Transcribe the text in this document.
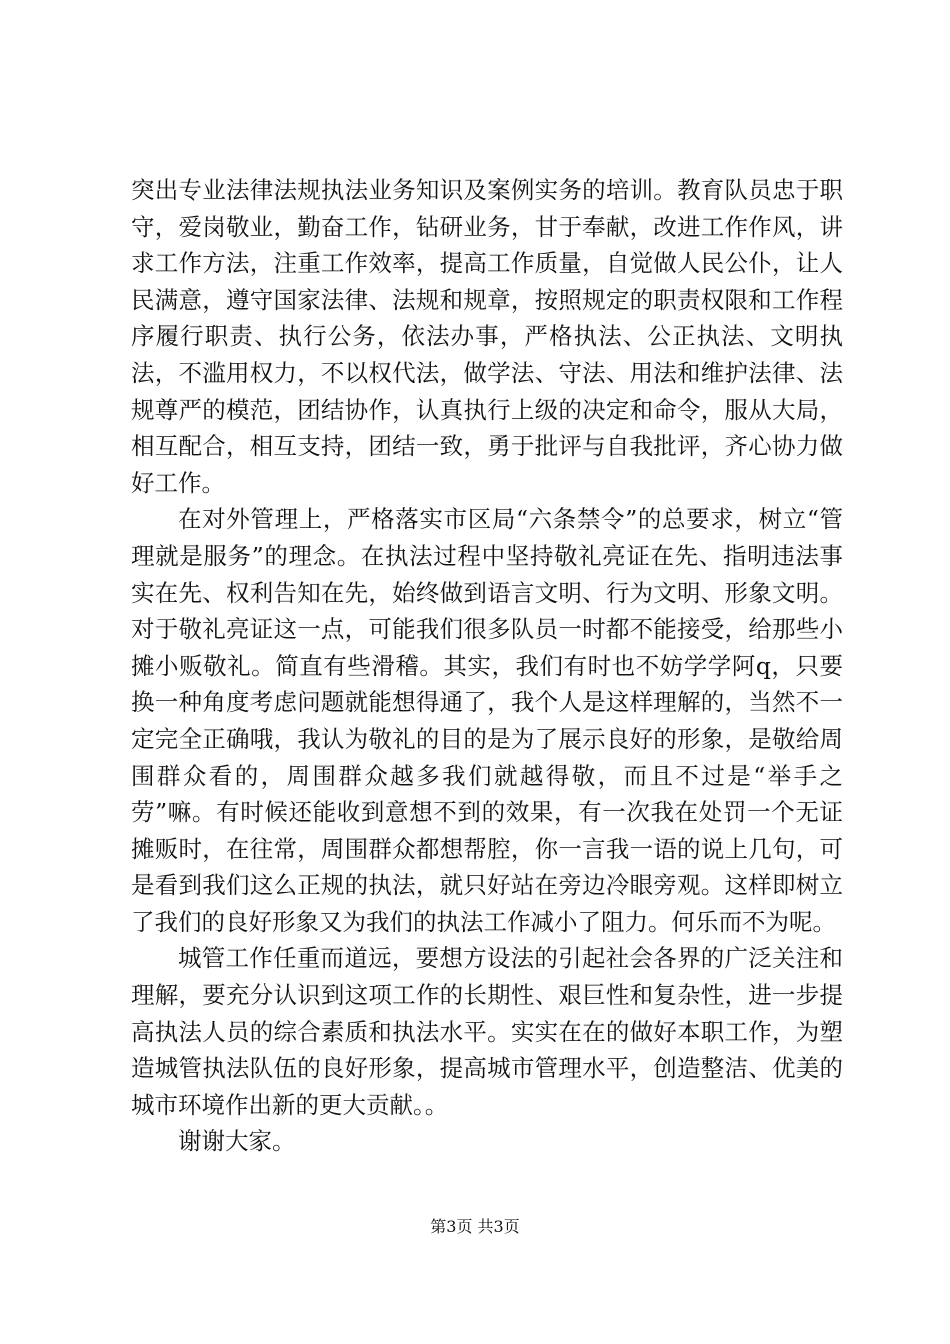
突出专业法律法规执法业务知识及案例实务的培训。教育队员忠于职守，爱岗敬业，勤奋工作，钻研业务，甘于奉献，改进工作作风，讲求工作方法，注重工作效率，提高工作质量，自觉做人民公仆，让人民满意，遵守国家法律、法规和规章，按照规定的职责权限和工作程序履行职责、执行公务，依法办事，严格执法、公正执法、文明执法，不滥用权力，不以权代法，做学法、守法、用法和维护法律、法规尊严的模范，团结协作，认真执行上级的决定和命令，服从大局，相互配合，相互支持，团结一致，勇于批评与自我批评，齐心协力做好工作。

在对外管理上，严格落实市区局“六条禁令”的总要求，树立“管理就是服务”的理念。在执法过程中坚持敬礼亮证在先、指明违法事实在先、权利告知在先，始终做到语言文明、行为文明、形象文明。对于敬礼亮证这一点，可能我们很多队员一时都不能接受，给那些小摊小贩敬礼。简直有些滑稽。其实，我们有时也不妨学学阿q，只要换一种角度考虑问题就能想得通了，我个人是这样理解的，当然不一定完全正确哦，我认为敬礼的目的是为了展示良好的形象，是敬给周围群众看的，周围群众越多我们就越得敬，而且不过是“举手之劳”嘛。有时候还能收到意想不到的效果，有一次我在处罚一个无证摊贩时，在往常，周围群众都想帮腔，你一言我一语的说上几句，可是看到我们这么正规的执法，就只好站在旁边冷眼旁观。这样即树立了我们的良好形象又为我们的执法工作减小了阻力。何乐而不为呢。

城管工作任重而道远，要想方设法的引起社会各界的广泛关注和理解，要充分认识到这项工作的长期性、艰巨性和复杂性，进一步提高执法人员的综合素质和执法水平。实实在在的做好本职工作，为塑造城管执法队伍的良好形象，提高城市管理水平，创造整洁、优美的城市环境作出新的更大贡献。。

谢谢大家。

第3页 共3页
